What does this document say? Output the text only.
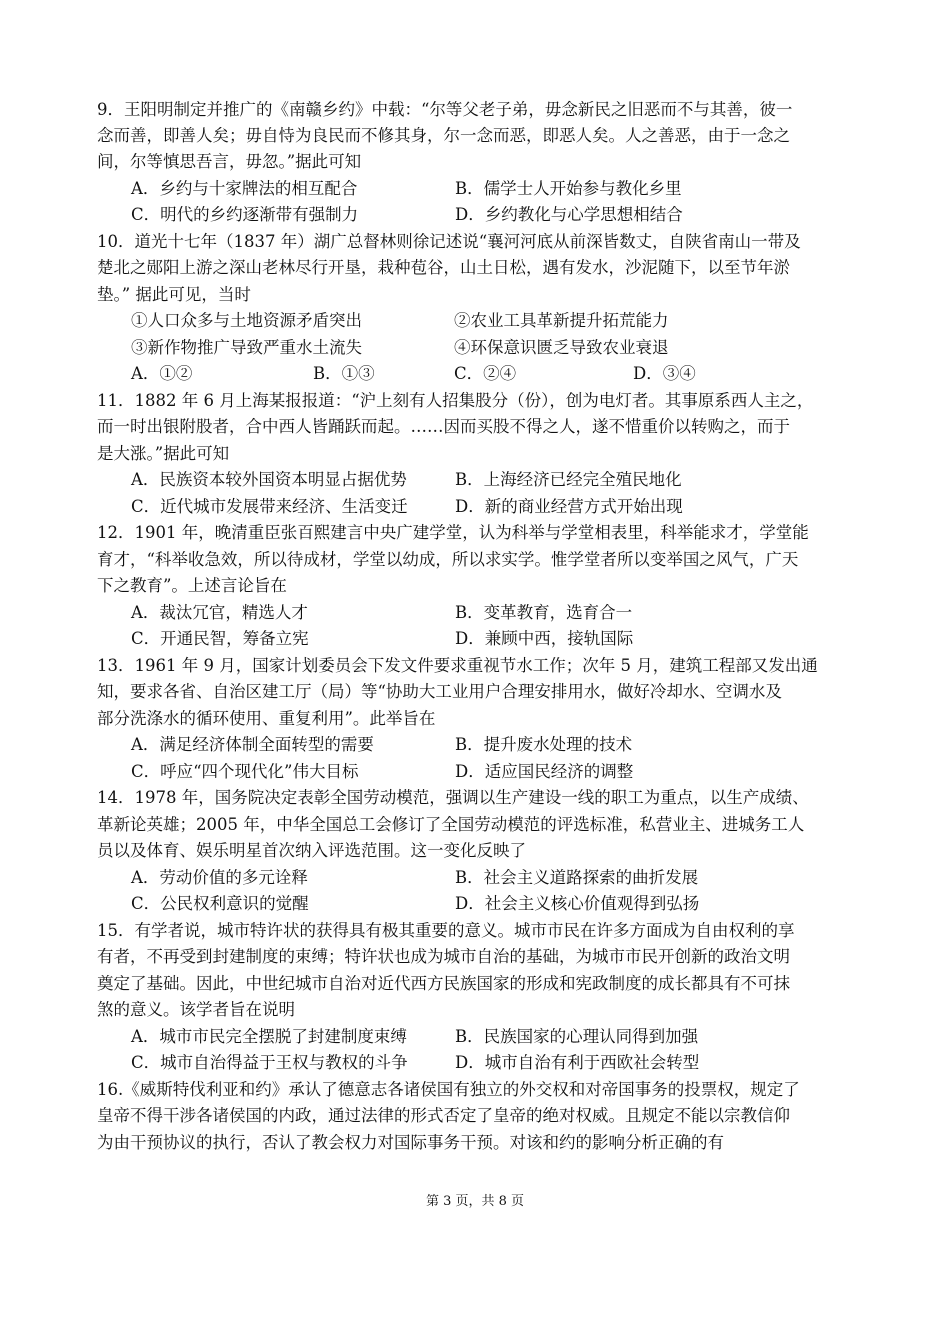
9．王阳明制定并推广的《南赣乡约》中载：“尔等父老子弟，毋念新民之旧恶而不与其善，彼一
念而善，即善人矣；毋自恃为良民而不修其身，尔一念而恶，即恶人矣。人之善恶，由于一念之
间，尔等慎思吾言，毋忽。”据此可知
A．乡约与十家牌法的相互配合	B．儒学士人开始参与教化乡里
C．明代的乡约逐渐带有强制力	D．乡约教化与心学思想相结合
10．道光十七年（1837 年）湖广总督林则徐记述说“襄河河底从前深皆数丈，自陕省南山一带及
楚北之郧阳上游之深山老林尽行开垦，栽种苞谷，山土日松，遇有发水，沙泥随下，以至节年淤
垫。” 据此可见，当时
①人口众多与土地资源矛盾突出	②农业工具革新提升拓荒能力
③新作物推广导致严重水土流失	④环保意识匮乏导致农业衰退
A．①②	B．①③	C．②④	D．③④
11．1882 年 6 月上海某报报道：“沪上刻有人招集股分（份），创为电灯者。其事原系西人主之，
而一时出银附股者，合中西人皆踊跃而起。……因而买股不得之人，遂不惜重价以转购之，而于
是大涨。”据此可知
A．民族资本较外国资本明显占据优势	B．上海经济已经完全殖民地化
C．近代城市发展带来经济、生活变迁	D．新的商业经营方式开始出现
12．1901 年，晚清重臣张百熙建言中央广建学堂，认为科举与学堂相表里，科举能求才，学堂能
育才，“科举收急效，所以待成材，学堂以幼成，所以求实学。惟学堂者所以变举国之风气，广天
下之教育”。上述言论旨在
A．裁汰冗官，精选人才	B．变革教育，选育合一
C．开通民智，筹备立宪	D．兼顾中西，接轨国际
13．1961 年 9 月，国家计划委员会下发文件要求重视节水工作；次年 5 月，建筑工程部又发出通
知，要求各省、自治区建工厅（局）等“协助大工业用户合理安排用水，做好冷却水、空调水及
部分洗涤水的循环使用、重复利用”。此举旨在
A．满足经济体制全面转型的需要	B．提升废水处理的技术
C．呼应“四个现代化”伟大目标	D．适应国民经济的调整
14．1978 年，国务院决定表彰全国劳动模范，强调以生产建设一线的职工为重点，以生产成绩、
革新论英雄；2005 年，中华全国总工会修订了全国劳动模范的评选标准，私营业主、进城务工人
员以及体育、娱乐明星首次纳入评选范围。这一变化反映了
A．劳动价值的多元诠释	B．社会主义道路探索的曲折发展
C．公民权利意识的觉醒	D．社会主义核心价值观得到弘扬
15．有学者说，城市特许状的获得具有极其重要的意义。城市市民在许多方面成为自由权利的享
有者，不再受到封建制度的束缚；特许状也成为城市自治的基础，为城市市民开创新的政治文明
奠定了基础。因此，中世纪城市自治对近代西方民族国家的形成和宪政制度的成长都具有不可抹
煞的意义。该学者旨在说明
A．城市市民完全摆脱了封建制度束缚	B．民族国家的心理认同得到加强
C．城市自治得益于王权与教权的斗争	D．城市自治有利于西欧社会转型
16.《威斯特伐利亚和约》承认了德意志各诸侯国有独立的外交权和对帝国事务的投票权，规定了
皇帝不得干涉各诸侯国的内政，通过法律的形式否定了皇帝的绝对权威。且规定不能以宗教信仰
为由干预协议的执行，否认了教会权力对国际事务干预。对该和约的影响分析正确的有
第 3 页，共 8 页
